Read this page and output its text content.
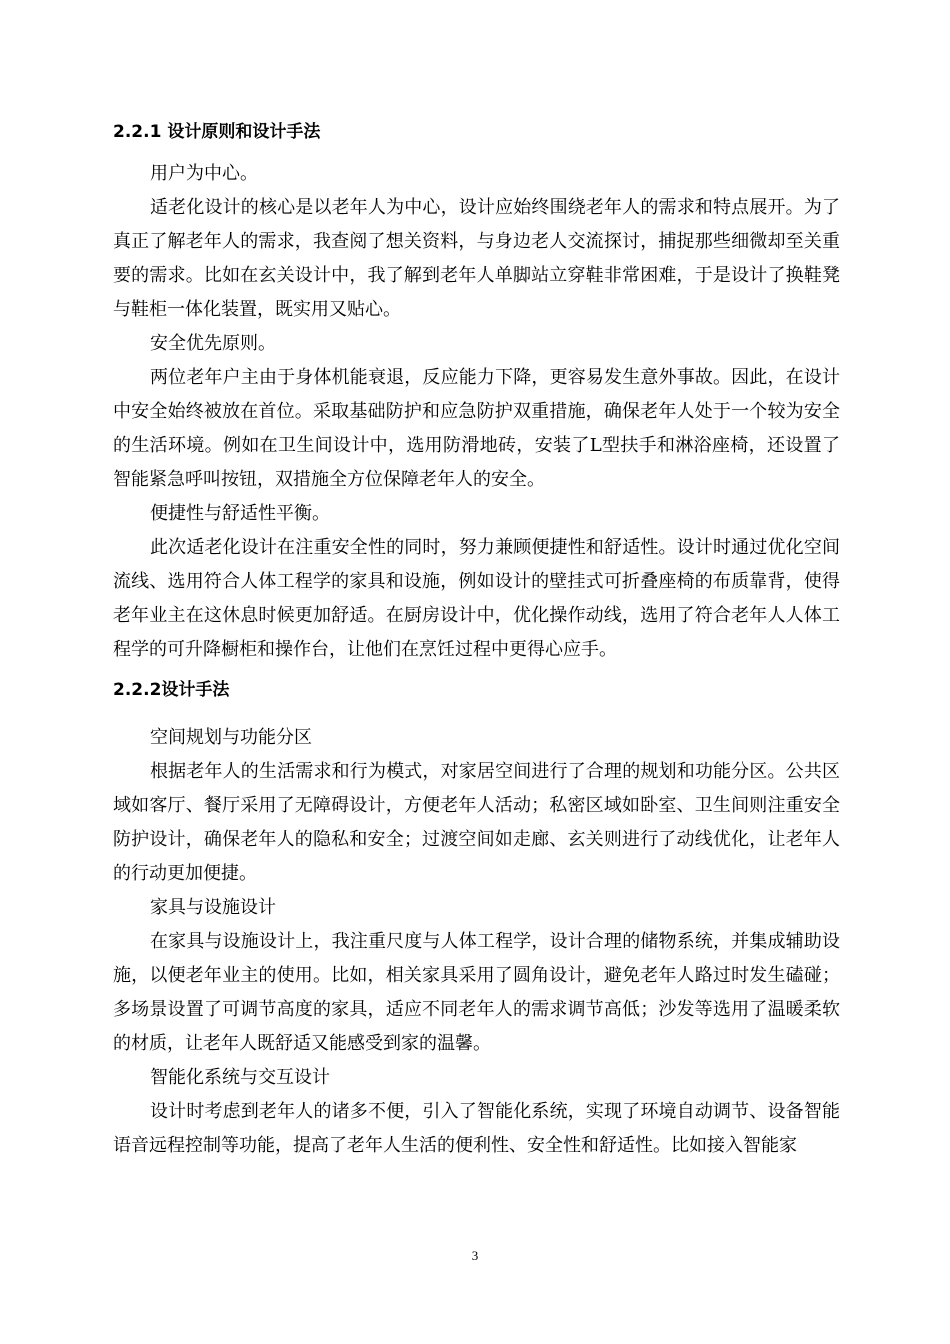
2.2.1 设计原则和设计手法

用户为中心。

适老化设计的核心是以老年人为中心，设计应始终围绕老年人的需求和特点展开。为了真正了解老年人的需求，我查阅了想关资料，与身边老人交流探讨，捕捉那些细微却至关重要的需求。比如在玄关设计中，我了解到老年人单脚站立穿鞋非常困难，于是设计了换鞋凳与鞋柜一体化装置，既实用又贴心。

安全优先原则。

两位老年户主由于身体机能衰退，反应能力下降，更容易发生意外事故。因此，在设计中安全始终被放在首位。采取基础防护和应急防护双重措施，确保老年人处于一个较为安全的生活环境。例如在卫生间设计中，选用防滑地砖，安装了L型扶手和淋浴座椅，还设置了智能紧急呼叫按钮，双措施全方位保障老年人的安全。

便捷性与舒适性平衡。

此次适老化设计在注重安全性的同时，努力兼顾便捷性和舒适性。设计时通过优化空间流线、选用符合人体工程学的家具和设施，例如设计的壁挂式可折叠座椅的布质靠背，使得老年业主在这休息时候更加舒适。在厨房设计中，优化操作动线，选用了符合老年人人体工程学的可升降橱柜和操作台，让他们在烹饪过程中更得心应手。

2.2.2设计手法

空间规划与功能分区

根据老年人的生活需求和行为模式，对家居空间进行了合理的规划和功能分区。公共区域如客厅、餐厅采用了无障碍设计，方便老年人活动；私密区域如卧室、卫生间则注重安全防护设计，确保老年人的隐私和安全；过渡空间如走廊、玄关则进行了动线优化，让老年人的行动更加便捷。

家具与设施设计

在家具与设施设计上，我注重尺度与人体工程学，设计合理的储物系统，并集成辅助设施，以便老年业主的使用。比如，相关家具采用了圆角设计，避免老年人路过时发生磕碰；多场景设置了可调节高度的家具，适应不同老年人的需求调节高低；沙发等选用了温暖柔软的材质，让老年人既舒适又能感受到家的温馨。

智能化系统与交互设计

设计时考虑到老年人的诸多不便，引入了智能化系统，实现了环境自动调节、设备智能语音远程控制等功能，提高了老年人生活的便利性、安全性和舒适性。比如接入智能家

3
